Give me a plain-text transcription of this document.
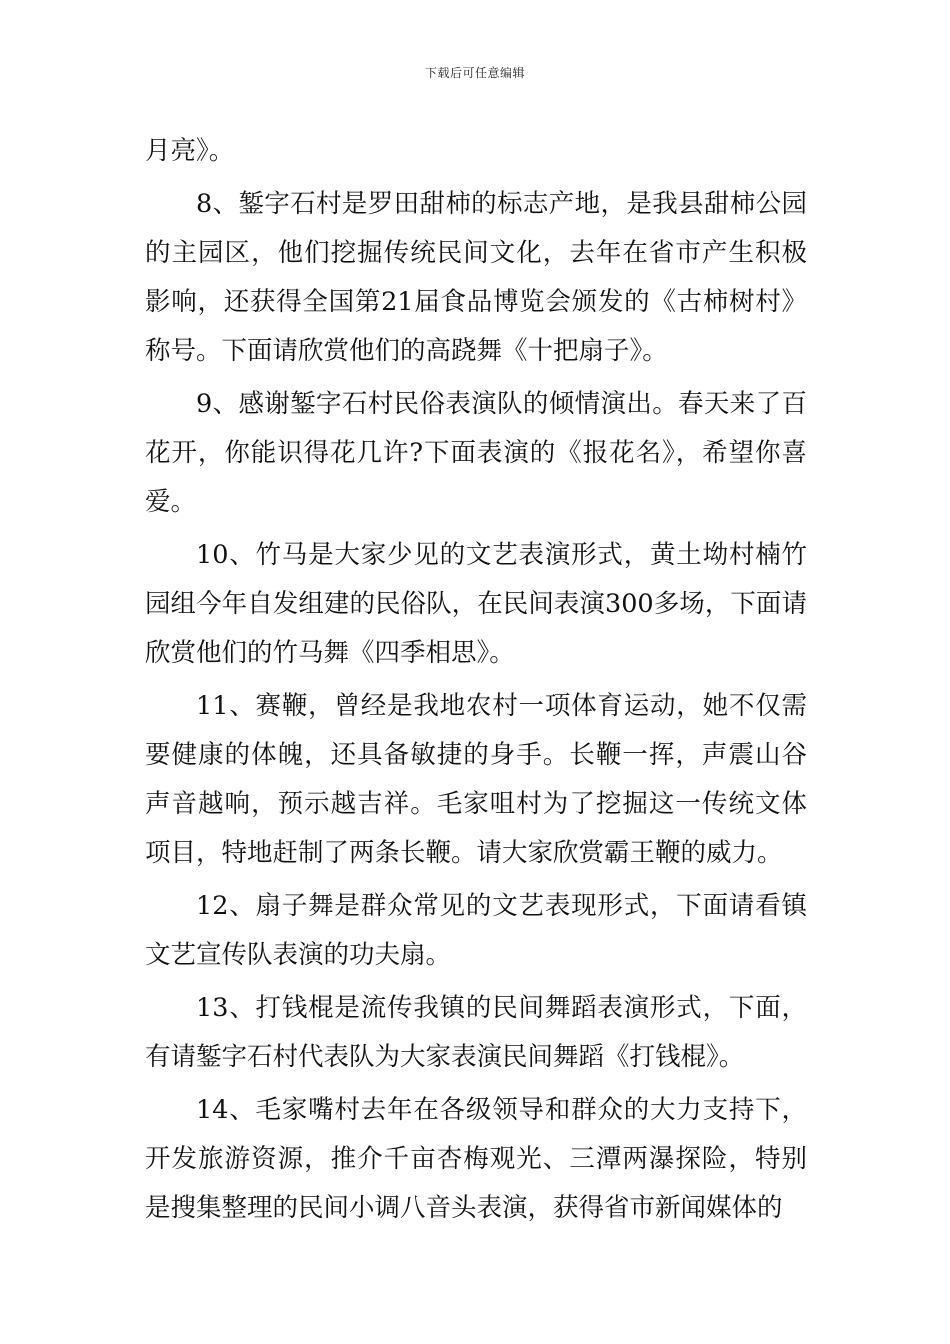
下载后可任意编辑

月亮》。

8、錾字石村是罗田甜柿的标志产地，是我县甜柿公园的主园区，他们挖掘传统民间文化，去年在省市产生积极影响，还获得全国第21届食品博览会颁发的《古柿树村》称号。下面请欣赏他们的高跷舞《十把扇子》。

9、感谢錾字石村民俗表演队的倾情演出。春天来了百花开，你能识得花几许?下面表演的《报花名》，希望你喜爱。

10、竹马是大家少见的文艺表演形式，黄土坳村楠竹园组今年自发组建的民俗队，在民间表演300多场，下面请欣赏他们的竹马舞《四季相思》。

11、赛鞭，曾经是我地农村一项体育运动，她不仅需要健康的体魄，还具备敏捷的身手。长鞭一挥，声震山谷声音越响，预示越吉祥。毛家咀村为了挖掘这一传统文体项目，特地赶制了两条长鞭。请大家欣赏霸王鞭的威力。

12、扇子舞是群众常见的文艺表现形式，下面请看镇文艺宣传队表演的功夫扇。

13、打钱棍是流传我镇的民间舞蹈表演形式，下面，有请錾字石村代表队为大家表演民间舞蹈《打钱棍》。

14、毛家嘴村去年在各级领导和群众的大力支持下，开发旅游资源，推介千亩杏梅观光、三潭两瀑探险，特别是搜集整理的民间小调八音头表演，获得省市新闻媒体的
